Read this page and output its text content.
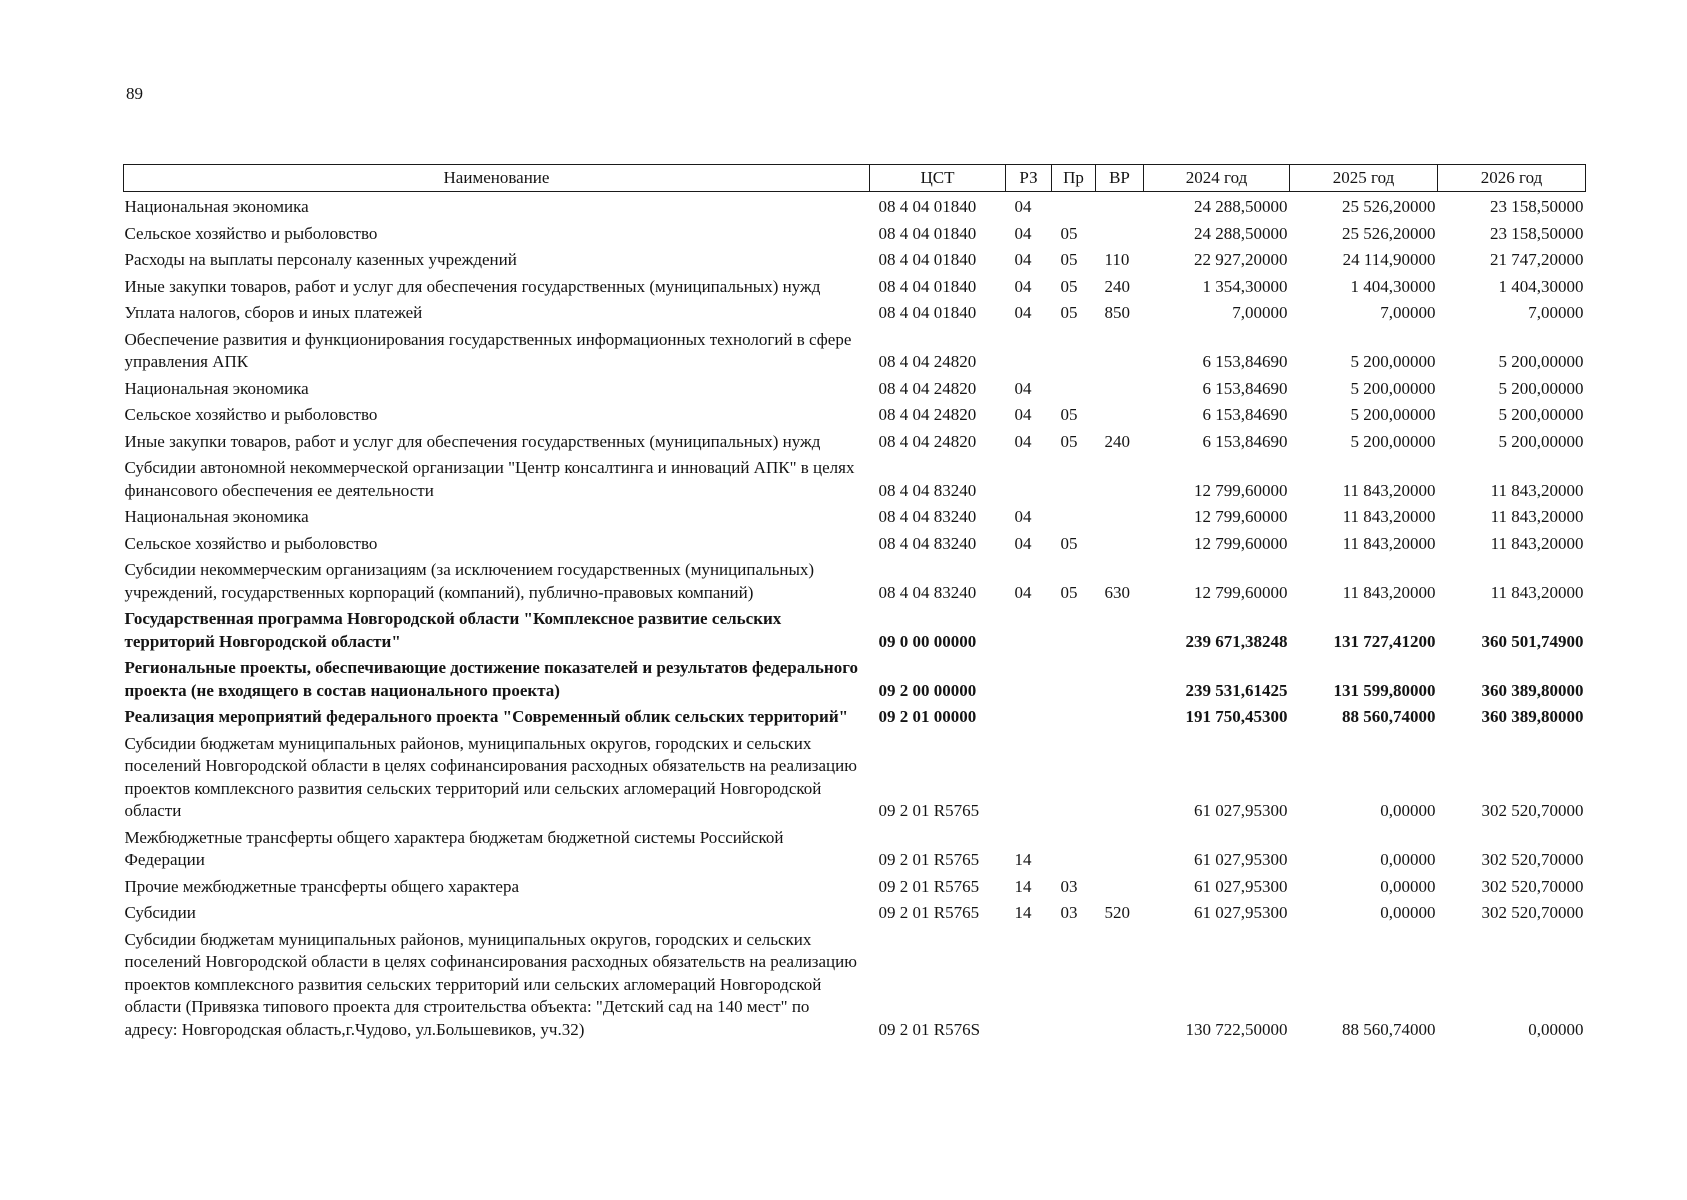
89
Наименование	ЦСТ	РЗ	Пр	ВР	2024 год	2025 год	2026 год
Национальная экономика	08 4 04 01840	04			24 288,50000	25 526,20000	23 158,50000
Сельское хозяйство и рыболовство	08 4 04 01840	04	05		24 288,50000	25 526,20000	23 158,50000
Расходы на выплаты персоналу казенных учреждений	08 4 04 01840	04	05	110	22 927,20000	24 114,90000	21 747,20000
Иные закупки товаров, работ и услуг для обеспечения государственных (муниципальных) нужд	08 4 04 01840	04	05	240	1 354,30000	1 404,30000	1 404,30000
Уплата налогов, сборов и иных платежей	08 4 04 01840	04	05	850	7,00000	7,00000	7,00000
Обеспечение развития и функционирования государственных информационных технологий в сфере управления АПК	08 4 04 24820				6 153,84690	5 200,00000	5 200,00000
Национальная экономика	08 4 04 24820	04			6 153,84690	5 200,00000	5 200,00000
Сельское хозяйство и рыболовство	08 4 04 24820	04	05		6 153,84690	5 200,00000	5 200,00000
Иные закупки товаров, работ и услуг для обеспечения государственных (муниципальных) нужд	08 4 04 24820	04	05	240	6 153,84690	5 200,00000	5 200,00000
Субсидии автономной некоммерческой организации "Центр консалтинга и инноваций АПК" в целях финансового обеспечения ее деятельности	08 4 04 83240				12 799,60000	11 843,20000	11 843,20000
Национальная экономика	08 4 04 83240	04			12 799,60000	11 843,20000	11 843,20000
Сельское хозяйство и рыболовство	08 4 04 83240	04	05		12 799,60000	11 843,20000	11 843,20000
Субсидии некоммерческим организациям (за исключением государственных (муниципальных) учреждений, государственных корпораций (компаний), публично-правовых компаний)	08 4 04 83240	04	05	630	12 799,60000	11 843,20000	11 843,20000
Государственная программа Новгородской области "Комплексное развитие сельских территорий Новгородской области"	09 0 00 00000				239 671,38248	131 727,41200	360 501,74900
Региональные проекты, обеспечивающие достижение показателей и результатов федерального проекта (не входящего в состав национального проекта)	09 2 00 00000				239 531,61425	131 599,80000	360 389,80000
Реализация мероприятий федерального проекта "Современный облик сельских территорий"	09 2 01 00000				191 750,45300	88 560,74000	360 389,80000
Субсидии бюджетам муниципальных районов, муниципальных округов, городских и сельских поселений Новгородской области в целях софинансирования расходных обязательств на реализацию проектов комплексного развития сельских территорий или сельских агломераций Новгородской области	09 2 01 R5765				61 027,95300	0,00000	302 520,70000
Межбюджетные трансферты общего характера бюджетам бюджетной системы Российской Федерации	09 2 01 R5765	14			61 027,95300	0,00000	302 520,70000
Прочие межбюджетные трансферты общего характера	09 2 01 R5765	14	03		61 027,95300	0,00000	302 520,70000
Субсидии	09 2 01 R5765	14	03	520	61 027,95300	0,00000	302 520,70000
Субсидии бюджетам муниципальных районов, муниципальных округов, городских и сельских поселений Новгородской области в целях софинансирования расходных обязательств на реализацию проектов комплексного развития сельских территорий или сельских агломераций Новгородской области (Привязка типового проекта для строительства объекта: "Детский сад на 140 мест" по адресу: Новгородская область,г.Чудово, ул.Большевиков, уч.32)	09 2 01 R576S				130 722,50000	88 560,74000	0,00000
